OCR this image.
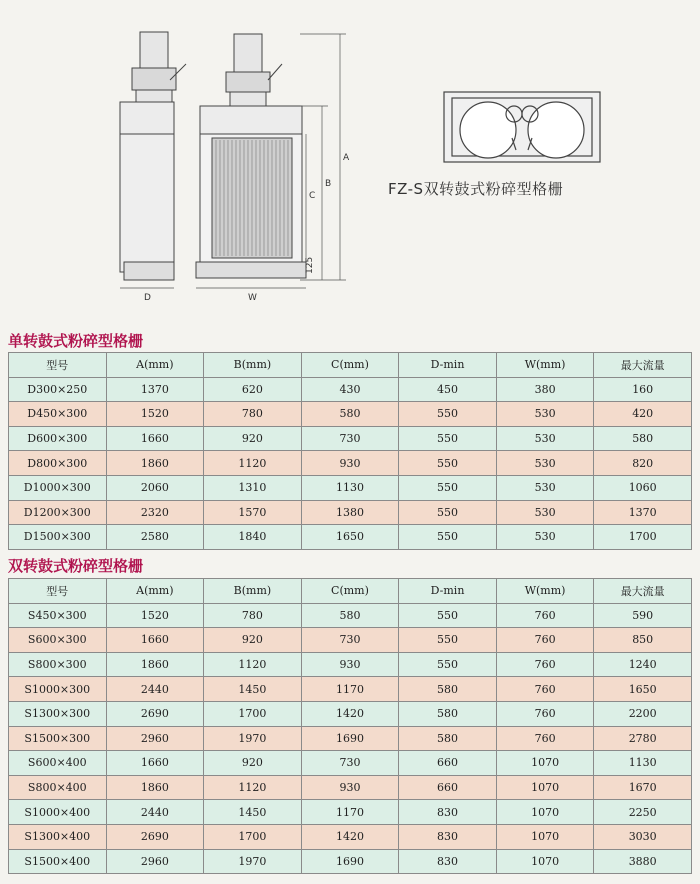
A
B
C
D	W
125
FZ-S双转鼓式粉碎型格栅
单转鼓式粉碎型格栅
型号	A(mm)	B(mm)	C(mm)	D-min	W(mm)	最大流量
D300×250	1370	620	430	450	380	160
D450×300	1520	780	580	550	530	420
D600×300	1660	920	730	550	530	580
D800×300	1860	1120	930	550	530	820
D1000×300	2060	1310	1130	550	530	1060
D1200×300	2320	1570	1380	550	530	1370
D1500×300	2580	1840	1650	550	530	1700
双转鼓式粉碎型格栅
型号	A(mm)	B(mm)	C(mm)	D-min	W(mm)	最大流量
S450×300	1520	780	580	550	760	590
S600×300	1660	920	730	550	760	850
S800×300	1860	1120	930	550	760	1240
S1000×300	2440	1450	1170	580	760	1650
S1300×300	2690	1700	1420	580	760	2200
S1500×300	2960	1970	1690	580	760	2780
S600×400	1660	920	730	660	1070	1130
S800×400	1860	1120	930	660	1070	1670
S1000×400	2440	1450	1170	830	1070	2250
S1300×400	2690	1700	1420	830	1070	3030
S1500×400	2960	1970	1690	830	1070	3880
